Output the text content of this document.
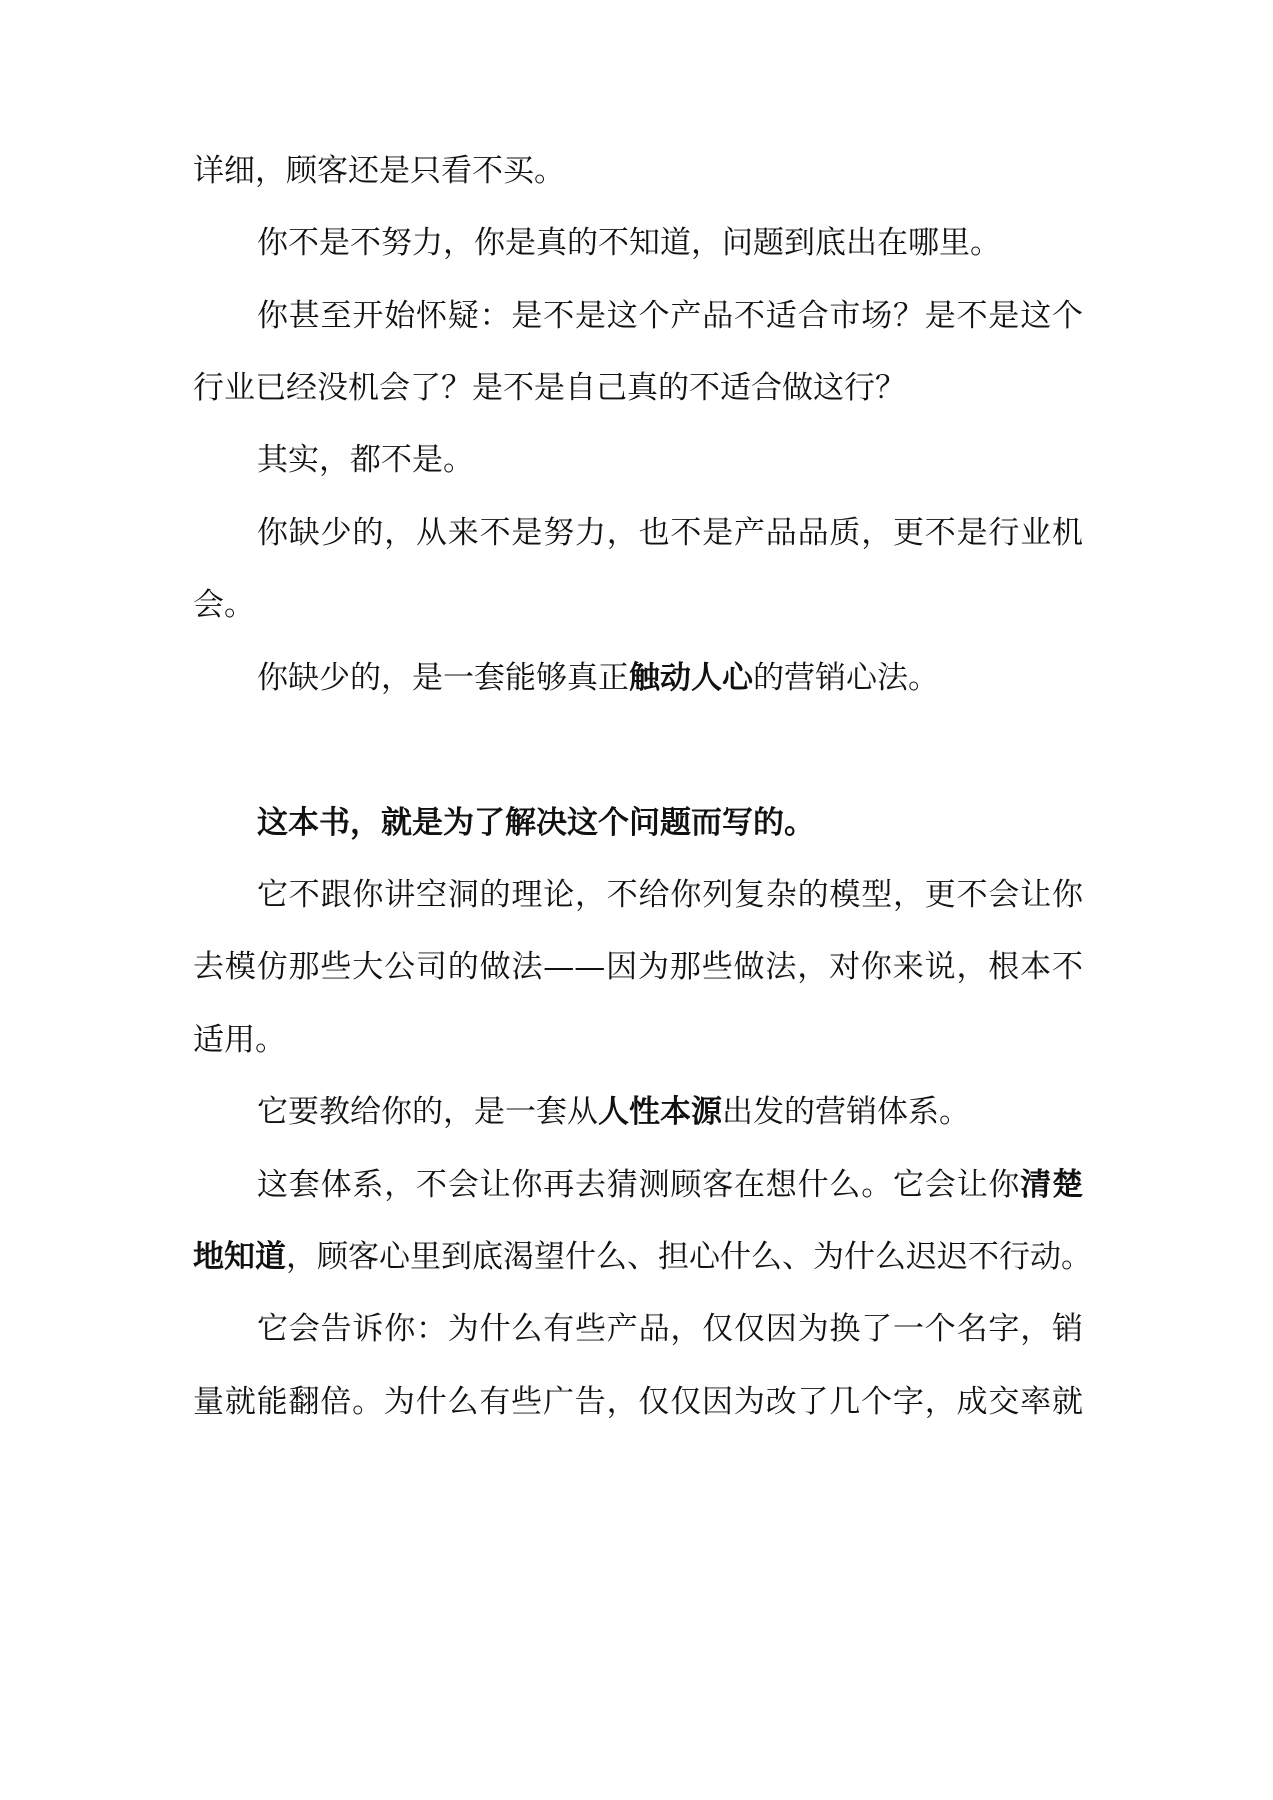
详细，顾客还是只看不买。
你不是不努力，你是真的不知道，问题到底出在哪里。
你甚至开始怀疑：是不是这个产品不适合市场？是不是这个
行业已经没机会了？是不是自己真的不适合做这行？
其实，都不是。
你缺少的，从来不是努力，也不是产品品质，更不是行业机
会。
你缺少的，是一套能够真正触动人心的营销心法。
这本书，就是为了解决这个问题而写的。
它不跟你讲空洞的理论，不给你列复杂的模型，更不会让你
去模仿那些大公司的做法——因为那些做法，对你来说，根本不
适用。
它要教给你的，是一套从人性本源出发的营销体系。
这套体系，不会让你再去猜测顾客在想什么。它会让你清楚
地知道，顾客心里到底渴望什么、担心什么、为什么迟迟不行动。
它会告诉你：为什么有些产品，仅仅因为换了一个名字，销
量就能翻倍。为什么有些广告，仅仅因为改了几个字，成交率就
